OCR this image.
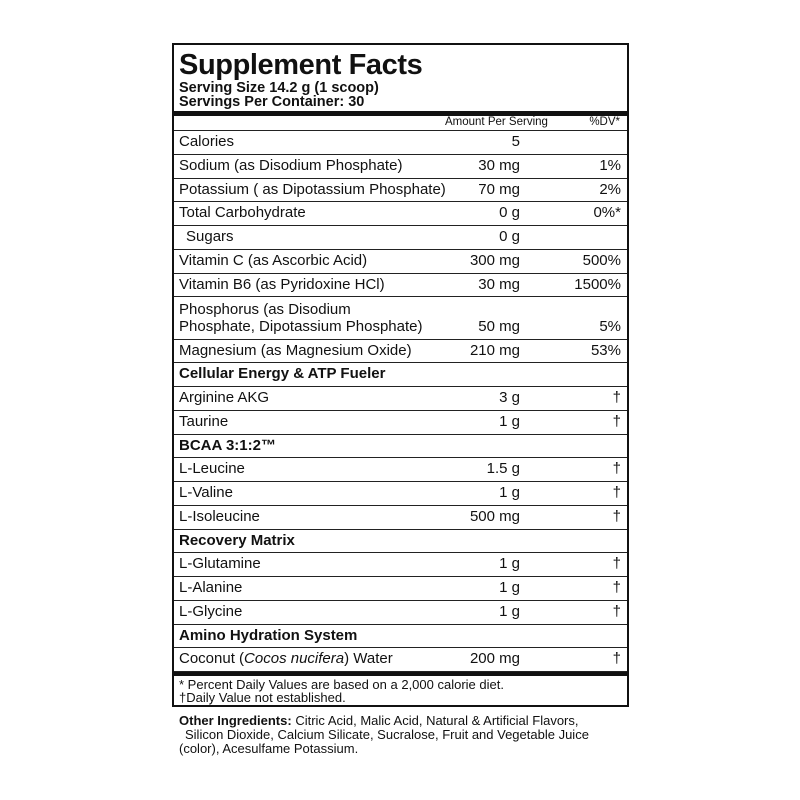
Supplement Facts
Serving Size 14.2 g (1 scoop)
Servings Per Container: 30
Amount Per Serving	%DV*
Calories	5
Sodium (as Disodium Phosphate)	30 mg	1%
Potassium ( as Dipotassium Phosphate) 70 mg	2%
Total Carbohydrate	0 g	0%*
Sugars	0 g
Vitamin C (as Ascorbic Acid)	300 mg	500%
Vitamin B6 (as Pyridoxine HCl)	30 mg	1500%
Phosphorus (as Disodium
Phosphate, Dipotassium Phosphate)	50 mg	5%
Magnesium (as Magnesium Oxide)	210 mg	53%
Cellular Energy & ATP Fueler
Arginine AKG	3 g	†
Taurine	1 g	†
BCAA 3:1:2™
L-Leucine	1.5 g	†
L-Valine	1 g	†
L-Isoleucine	500 mg	†
Recovery Matrix
L-Glutamine	1 g	†
L-Alanine	1 g	†
L-Glycine	1 g	†
Amino Hydration System
Coconut (Cocos nucifera) Water	200 mg	†
* Percent Daily Values are based on a 2,000 calorie diet.
†Daily Value not established.
Other Ingredients: Citric Acid, Malic Acid, Natural & Artificial Flavors,
Silicon Dioxide, Calcium Silicate, Sucralose, Fruit and Vegetable Juice
(color), Acesulfame Potassium.
